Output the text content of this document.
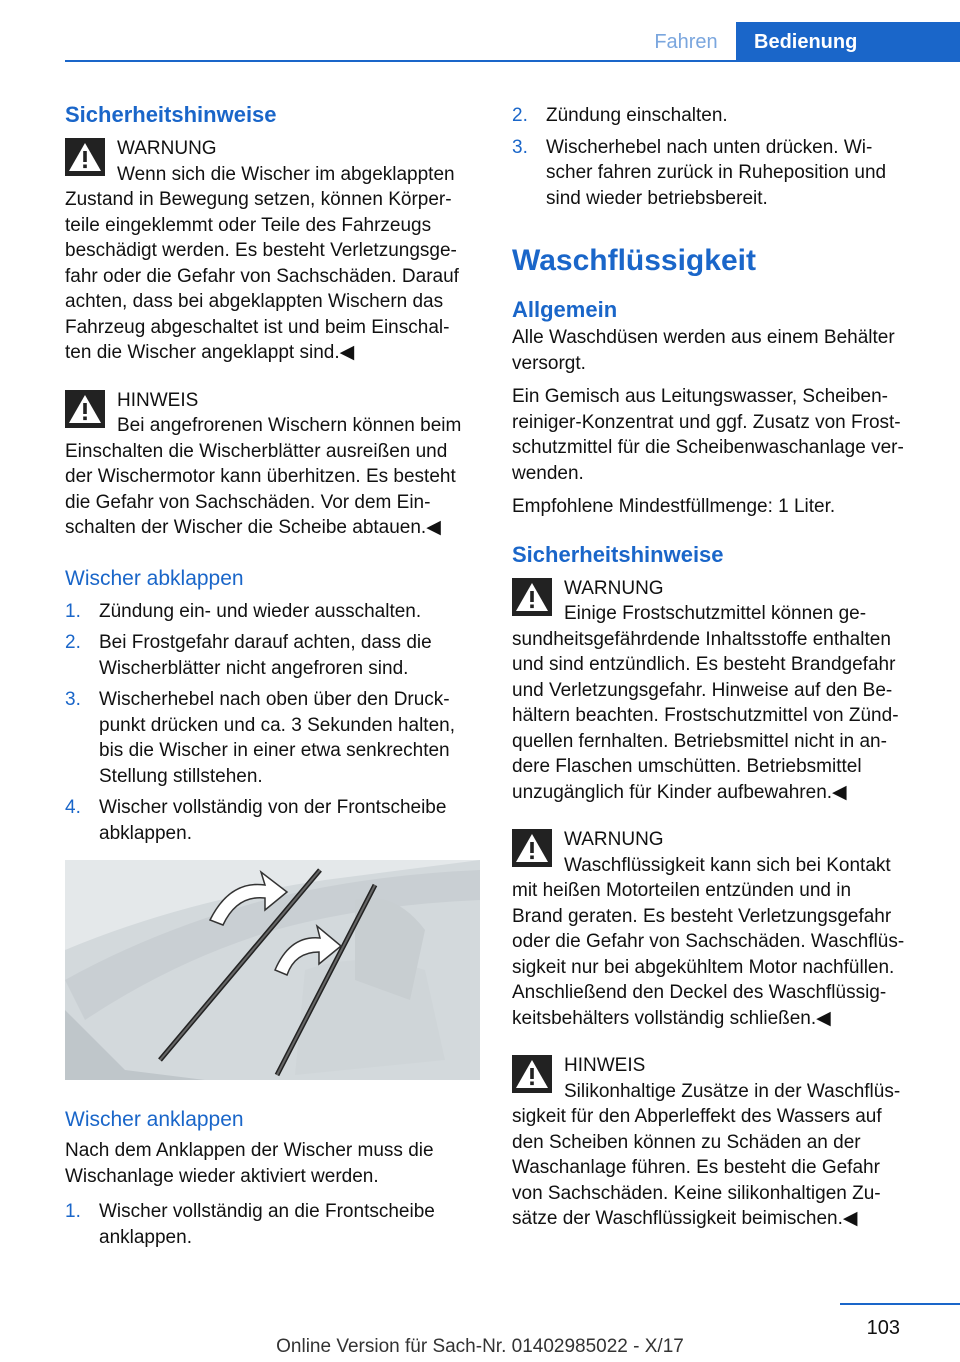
Fahren	Bedienung
Sicherheitshinweise
WARNUNG
Wenn sich die Wischer im abgeklappten
Zustand in Bewegung setzen, können Körper-
teile eingeklemmt oder Teile des Fahrzeugs
beschädigt werden. Es besteht Verletzungsge-
fahr oder die Gefahr von Sachschäden. Darauf
achten, dass bei abgeklappten Wischern das
Fahrzeug abgeschaltet ist und beim Einschal-
ten die Wischer angeklappt sind.◀
HINWEIS
Bei angefrorenen Wischern können beim
Einschalten die Wischerblätter ausreißen und
der Wischermotor kann überhitzen. Es besteht
die Gefahr von Sachschäden. Vor dem Ein-
schalten der Wischer die Scheibe abtauen.◀
Wischer abklappen
1. Zündung ein- und wieder ausschalten.
2. Bei Frostgefahr darauf achten, dass die
Wischerblätter nicht angefroren sind.
3. Wischerhebel nach oben über den Druck-
punkt drücken und ca. 3 Sekunden halten,
bis die Wischer in einer etwa senkrechten
Stellung stillstehen.
4. Wischer vollständig von der Frontscheibe
abklappen.
Wischer anklappen
Nach dem Anklappen der Wischer muss die
Wischanlage wieder aktiviert werden.
1. Wischer vollständig an die Frontscheibe
anklappen.
2. Zündung einschalten.
3. Wischerhebel nach unten drücken. Wi-
scher fahren zurück in Ruheposition und
sind wieder betriebsbereit.
Waschflüssigkeit
Allgemein
Alle Waschdüsen werden aus einem Behälter
versorgt.
Ein Gemisch aus Leitungswasser, Scheiben-
reiniger-Konzentrat und ggf. Zusatz von Frost-
schutzmittel für die Scheibenwaschanlage ver-
wenden.

Empfohlene Mindestfüllmenge: 1 Liter.

Sicherheitshinweise
WARNUNG
Einige Frostschutzmittel können ge-
sundheitsgefährdende Inhaltsstoffe enthalten
und sind entzündlich. Es besteht Brandgefahr
und Verletzungsgefahr. Hinweise auf den Be-
hältern beachten. Frostschutzmittel von Zünd-
quellen fernhalten. Betriebsmittel nicht in an-
dere Flaschen umschütten. Betriebsmittel
unzugänglich für Kinder aufbewahren.◀
WARNUNG
Waschflüssigkeit kann sich bei Kontakt
mit heißen Motorteilen entzünden und in
Brand geraten. Es besteht Verletzungsgefahr
oder die Gefahr von Sachschäden. Waschflüs-
sigkeit nur bei abgekühltem Motor nachfüllen.
Anschließend den Deckel des Waschflüssig-
keitsbehälters vollständig schließen.◀
HINWEIS
Silikonhaltige Zusätze in der Waschflüs-
sigkeit für den Abperleffekt des Wassers auf
den Scheiben können zu Schäden an der
Waschanlage führen. Es besteht die Gefahr
von Sachschäden. Keine silikonhaltigen Zu-
sätze der Waschflüssigkeit beimischen.◀
103
Online Version für Sach-Nr. 01402985022 - X/17
